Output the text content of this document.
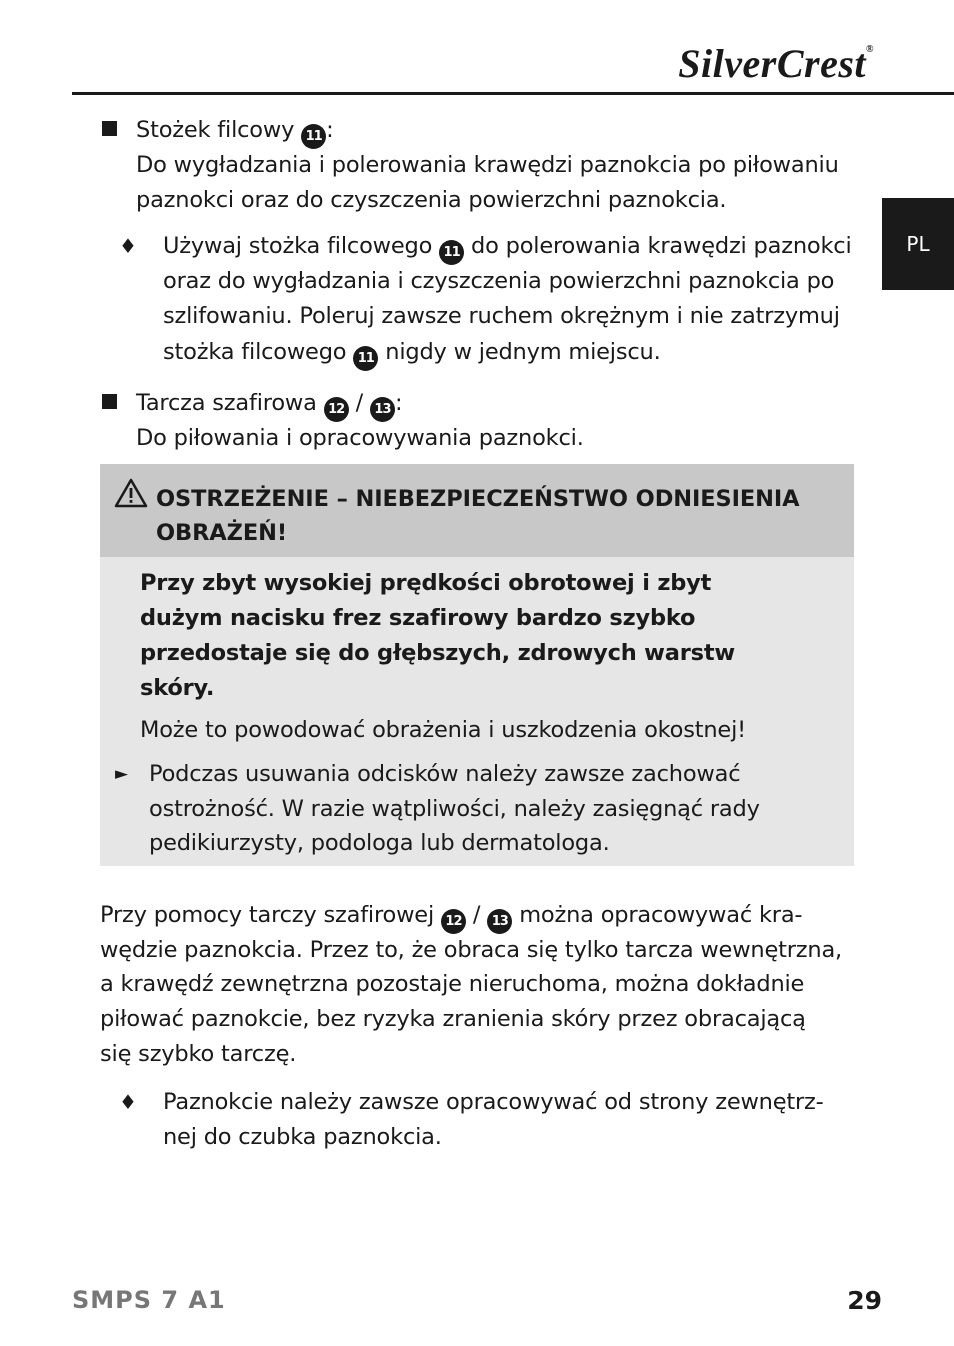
SilverCrest®
PL
Stożek filcowy 11 :
Do wygładzania i polerowania krawędzi paznokcia po piłowaniu
paznokci oraz do czyszczenia powierzchni paznokcia.
♦ Używaj stożka filcowego 11 do polerowania krawędzi paznokci
oraz do wygładzania i czyszczenia powierzchni paznokcia po
szlifowaniu. Poleruj zawsze ruchem okrężnym i nie zatrzymuj
stożka filcowego 11 nigdy w jednym miejscu.
Tarcza szafirowa 12 / 13 :
Do piłowania i opracowywania paznokci.
OSTRZEŻENIE – NIEBEZPIECZEŃSTWO ODNIESIENIA
OBRAŻEŃ!
Przy zbyt wysokiej prędkości obrotowej i zbyt
dużym nacisku frez szafirowy bardzo szybko
przedostaje się do głębszych, zdrowych warstw
skóry.
Może to powodować obrażenia i uszkodzenia okostnej!
► Podczas usuwania odcisków należy zawsze zachować
ostrożność. W razie wątpliwości, należy zasięgnąć rady
pedikiurzysty, podologa lub dermatologa.
Przy pomocy tarczy szafirowej 12 / 13 można opracowywać kra-
wędzie paznokcia. Przez to, że obraca się tylko tarcza wewnętrzna,
a krawędź zewnętrzna pozostaje nieruchoma, można dokładnie
piłować paznokcie, bez ryzyka zranienia skóry przez obracającą
się szybko tarczę.
♦ Paznokcie należy zawsze opracowywać od strony zewnętrz-
nej do czubka paznokcia.
SMPS 7 A1	29
